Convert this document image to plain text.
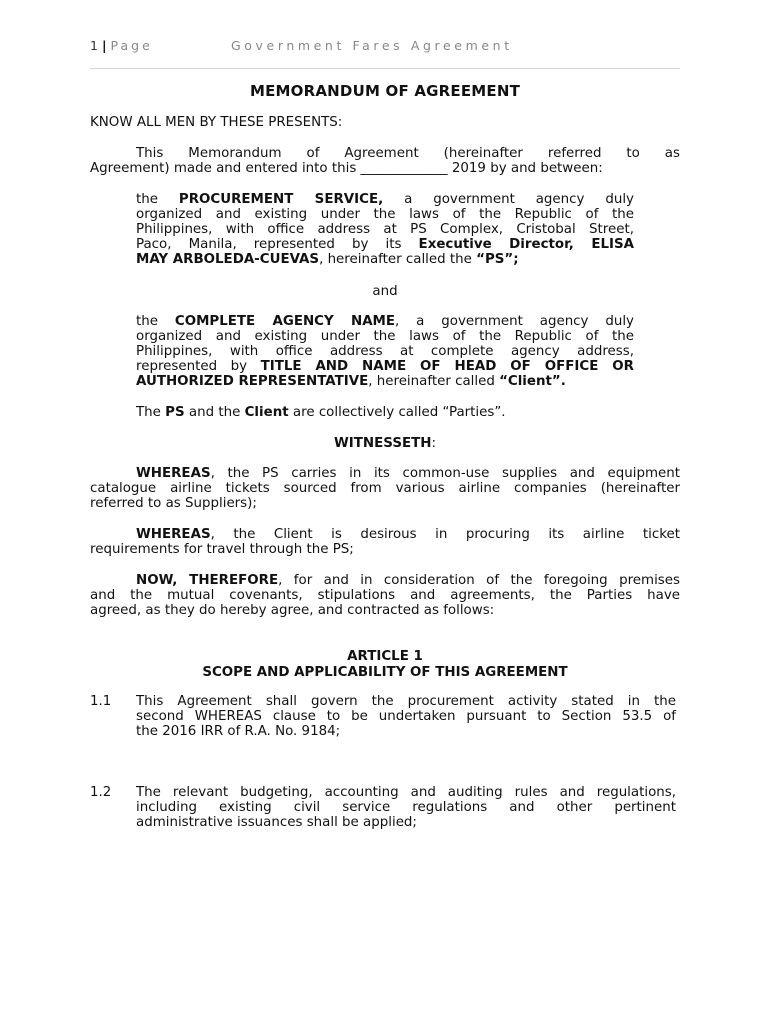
1 | Page	Government Fares Agreement
MEMORANDUM OF AGREEMENT
KNOW ALL MEN BY THESE PRESENTS:
This Memorandum of Agreement (hereinafter referred to as
Agreement) made and entered into this _____________ 2019 by and between:
the PROCUREMENT SERVICE, a government agency duly
organized and existing under the laws of the Republic of the
Philippines, with office address at PS Complex, Cristobal Street,
Paco, Manila, represented by its Executive Director, ELISA
MAY ARBOLEDA-CUEVAS, hereinafter called the “PS”;
and
the COMPLETE AGENCY NAME, a government agency duly
organized and existing under the laws of the Republic of the
Philippines, with office address at complete agency address,
represented by TITLE AND NAME OF HEAD OF OFFICE OR
AUTHORIZED REPRESENTATIVE, hereinafter called “Client”.
The PS and the Client are collectively called “Parties”.
WITNESSETH:
WHEREAS, the PS carries in its common-use supplies and equipment
catalogue airline tickets sourced from various airline companies (hereinafter
referred to as Suppliers);
WHEREAS, the Client is desirous in procuring its airline ticket
requirements for travel through the PS;
NOW, THEREFORE, for and in consideration of the foregoing premises
and the mutual covenants, stipulations and agreements, the Parties have
agreed, as they do hereby agree, and contracted as follows:
ARTICLE 1
SCOPE AND APPLICABILITY OF THIS AGREEMENT
1.1 This Agreement shall govern the procurement activity stated in the
second WHEREAS clause to be undertaken pursuant to Section 53.5 of
the 2016 IRR of R.A. No. 9184;
1.2 The relevant budgeting, accounting and auditing rules and regulations,
including existing civil service regulations and other pertinent
administrative issuances shall be applied;
